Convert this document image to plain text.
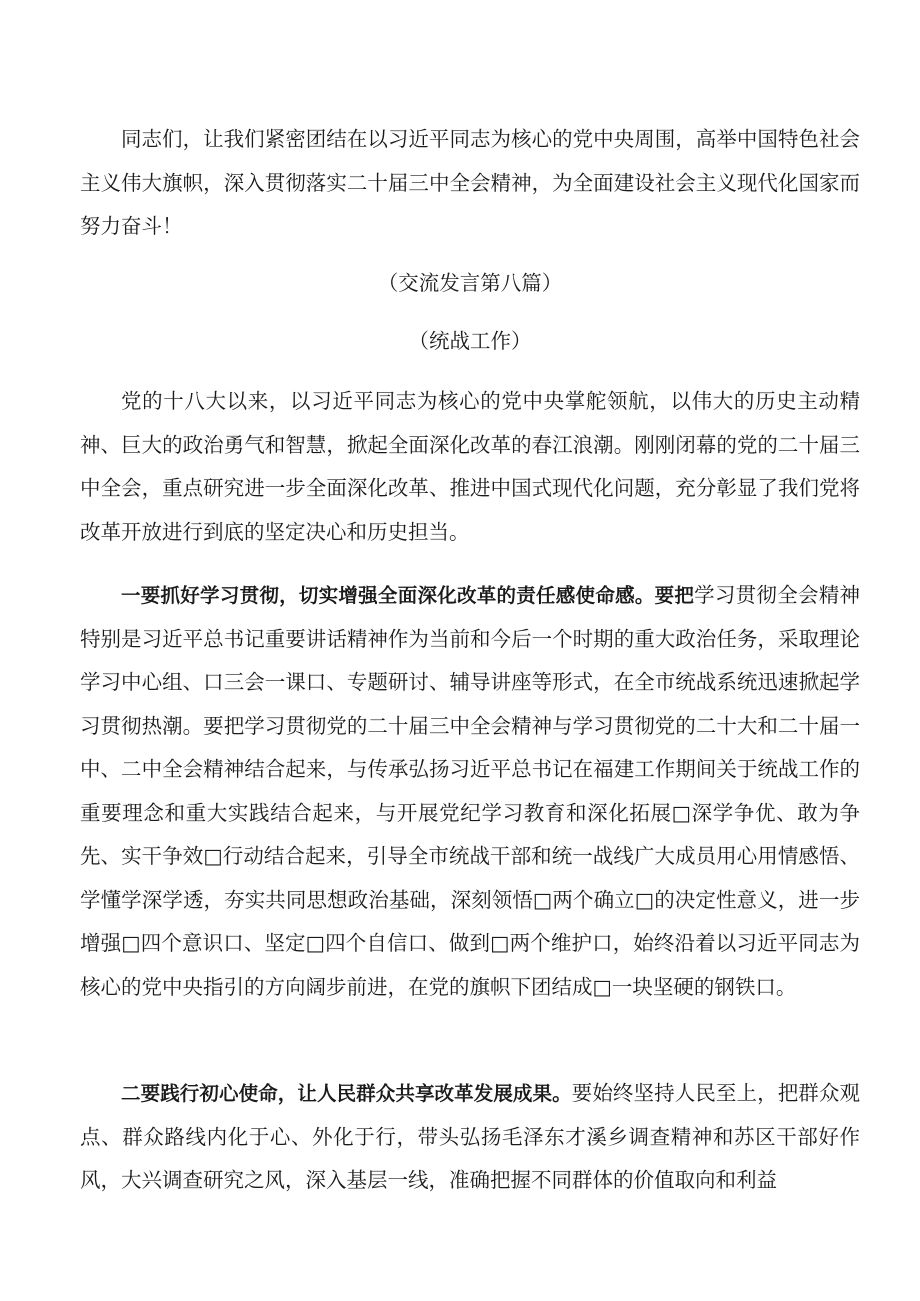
同志们，让我们紧密团结在以习近平同志为核心的党中央周围，高举中国特色社会主义伟大旗帜，深入贯彻落实二十届三中全会精神，为全面建设社会主义现代化国家而努力奋斗！

（交流发言第八篇）

（统战工作）

党的十八大以来，以习近平同志为核心的党中央掌舵领航，以伟大的历史主动精神、巨大的政治勇气和智慧，掀起全面深化改革的春江浪潮。刚刚闭幕的党的二十届三中全会，重点研究进一步全面深化改革、推进中国式现代化问题，充分彰显了我们党将改革开放进行到底的坚定决心和历史担当。

一要抓好学习贯彻，切实增强全面深化改革的责任感使命感。要把学习贯彻全会精神特别是习近平总书记重要讲话精神作为当前和今后一个时期的重大政治任务，采取理论学习中心组、口三会一课口、专题研讨、辅导讲座等形式，在全市统战系统迅速掀起学习贯彻热潮。要把学习贯彻党的二十届三中全会精神与学习贯彻党的二十大和二十届一中、二中全会精神结合起来，与传承弘扬习近平总书记在福建工作期间关于统战工作的重要理念和重大实践结合起来，与开展党纪学习教育和深化拓展□深学争优、敢为争先、实干争效□行动结合起来，引导全市统战干部和统一战线广大成员用心用情感悟、学懂学深学透，夯实共同思想政治基础，深刻领悟□两个确立□的决定性意义，进一步增强□四个意识口、坚定□四个自信口、做到□两个维护口，始终沿着以习近平同志为核心的党中央指引的方向阔步前进，在党的旗帜下团结成□一块坚硬的钢铁口。

二要践行初心使命，让人民群众共享改革发展成果。要始终坚持人民至上，把群众观点、群众路线内化于心、外化于行，带头弘扬毛泽东才溪乡调查精神和苏区干部好作风，大兴调查研究之风，深入基层一线，准确把握不同群体的价值取向和利益
